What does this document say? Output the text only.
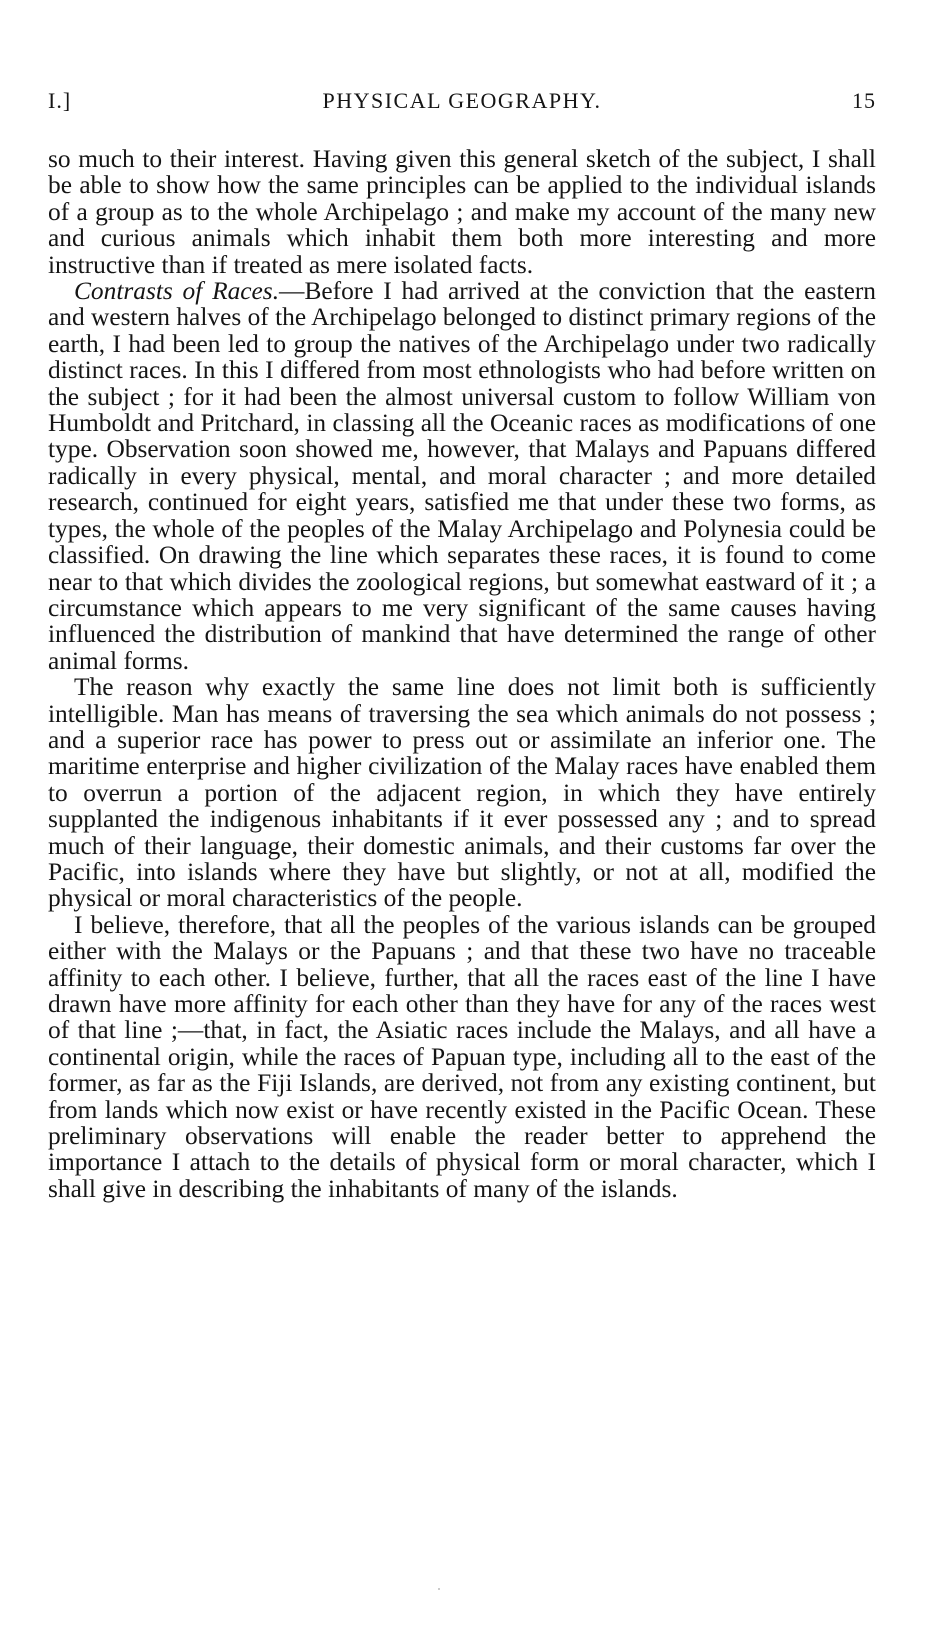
I.]	PHYSICAL GEOGRAPHY.	15

so much to their interest. Having given this general sketch of the subject, I shall be able to show how the same principles can be applied to the individual islands of a group as to the whole Archipelago ; and make my account of the many new and curious animals which inhabit them both more interesting and more instructive than if treated as mere isolated facts.

Contrasts of Races.—Before I had arrived at the conviction that the eastern and western halves of the Archipelago belonged to distinct primary regions of the earth, I had been led to group the natives of the Archipelago under two radically distinct races. In this I differed from most ethnologists who had before written on the subject ; for it had been the almost universal custom to follow William von Humboldt and Pritchard, in classing all the Oceanic races as modifications of one type. Observation soon showed me, however, that Malays and Papuans differed radically in every physical, mental, and moral character ; and more detailed research, continued for eight years, satisfied me that under these two forms, as types, the whole of the peoples of the Malay Archipelago and Polynesia could be classified. On drawing the line which separates these races, it is found to come near to that which divides the zoological regions, but somewhat eastward of it ; a circumstance which appears to me very significant of the same causes having influenced the distribution of mankind that have determined the range of other animal forms.

The reason why exactly the same line does not limit both is sufficiently intelligible. Man has means of traversing the sea which animals do not possess ; and a superior race has power to press out or assimilate an inferior one. The maritime enterprise and higher civilization of the Malay races have enabled them to overrun a portion of the adjacent region, in which they have entirely supplanted the indigenous inhabitants if it ever possessed any ; and to spread much of their language, their domestic animals, and their customs far over the Pacific, into islands where they have but slightly, or not at all, modified the physical or moral characteristics of the people.

I believe, therefore, that all the peoples of the various islands can be grouped either with the Malays or the Papuans ; and that these two have no traceable affinity to each other. I believe, further, that all the races east of the line I have drawn have more affinity for each other than they have for any of the races west of that line ;—that, in fact, the Asiatic races include the Malays, and all have a continental origin, while the races of Papuan type, including all to the east of the former, as far as the Fiji Islands, are derived, not from any existing continent, but from lands which now exist or have recently existed in the Pacific Ocean. These preliminary observations will enable the reader better to apprehend the importance I attach to the details of physical form or moral character, which I shall give in describing the inhabitants of many of the islands.
